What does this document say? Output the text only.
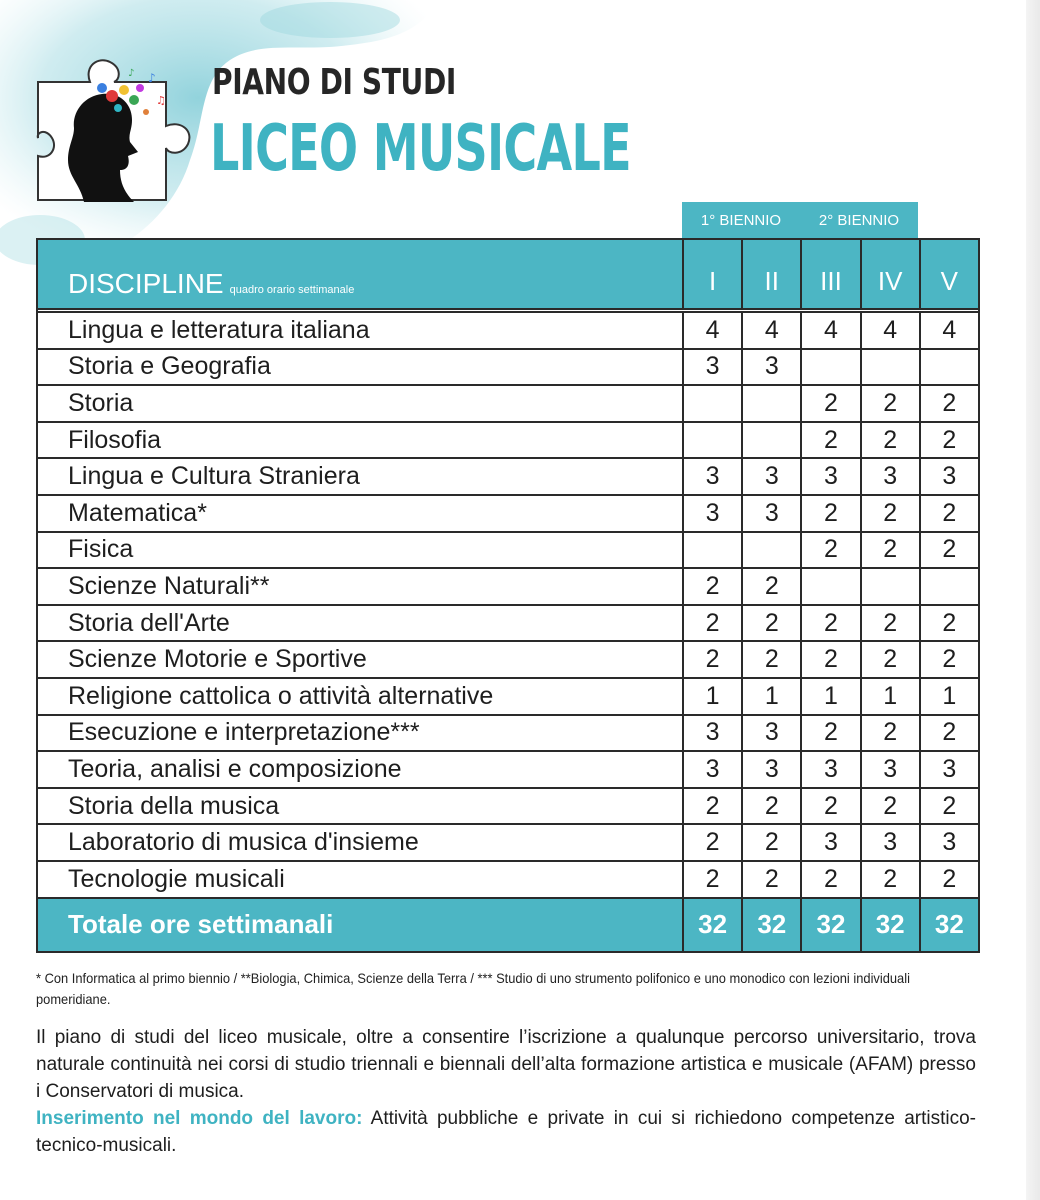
♪
♫
♪ PIANO DI STUDI
LICEO MUSICALE
1° BIENNIO	2° BIENNIO
DISCIPLINE quadro orario settimanale	I	II	III	IV	V

Lingua e letteratura italiana	4	4	4	4	4
Storia e Geografia	3	3			
Storia			2	2	2
Filosofia			2	2	2
Lingua e Cultura Straniera	3	3	3	3	3
Matematica*	3	3	2	2	2
Fisica			2	2	2
Scienze Naturali**	2	2			
Storia dell'Arte	2	2	2	2	2
Scienze Motorie e Sportive	2	2	2	2	2
Religione cattolica o attività alternative	1	1	1	1	1
Esecuzione e interpretazione***	3	3	2	2	2
Teoria, analisi e composizione	3	3	3	3	3
Storia della musica	2	2	2	2	2
Laboratorio di musica d'insieme	2	2	3	3	3
Tecnologie musicali	2	2	2	2	2
Totale ore settimanali	32	32	32	32	32
* Con Informatica al primo biennio / **Biologia, Chimica, Scienze della Terra / *** Studio di uno strumento polifonico e uno monodico con lezioni individuali pomeridiane.

Il piano di studi del liceo musicale, oltre a consentire l’iscrizione a qualunque percorso universitario, trova naturale continuità nei corsi di studio triennali e biennali dell’alta formazione artistica e musicale (AFAM) presso i Conservatori di musica.

Inserimento nel mondo del lavoro: Attività pubbliche e private in cui si richiedono competenze artistico-tecnico-musicali.
